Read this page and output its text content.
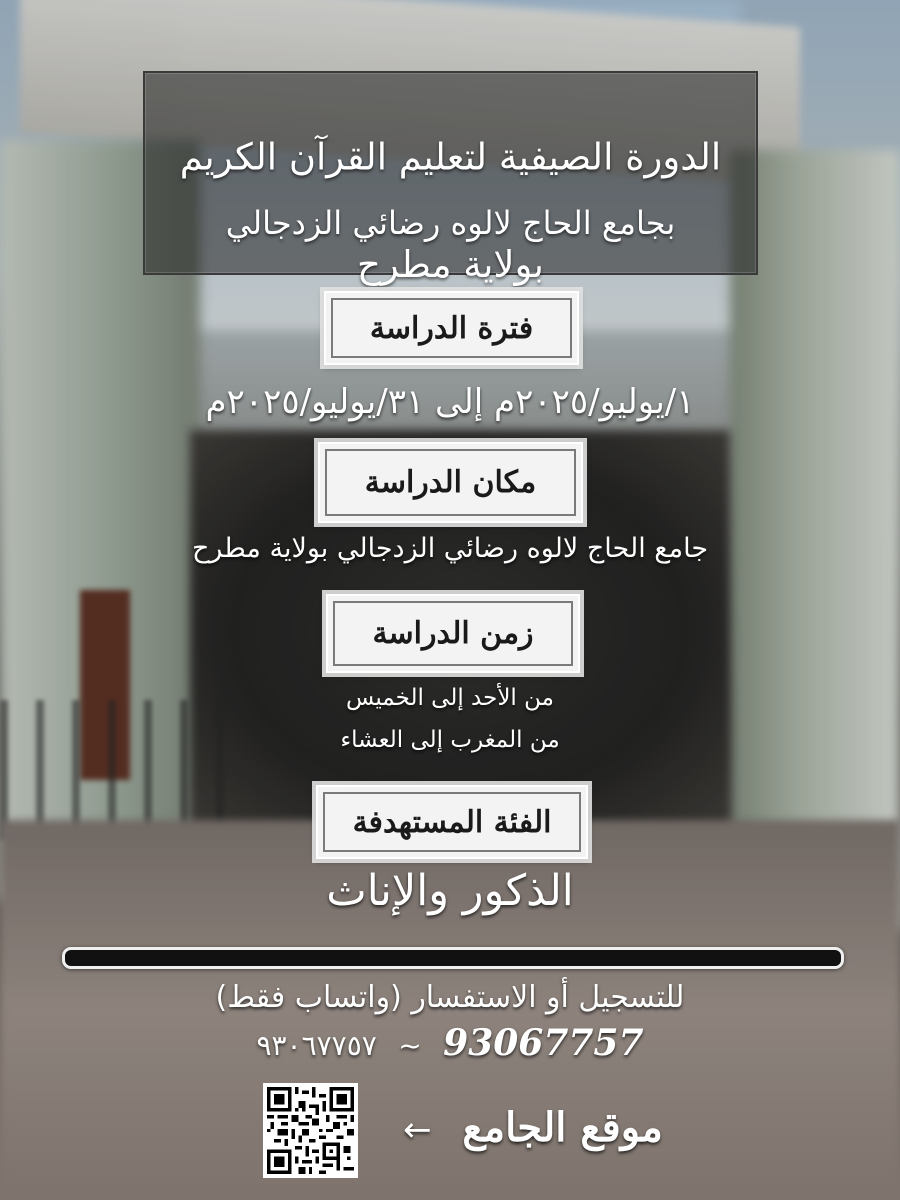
الدورة الصيفية لتعليم القرآن الكريم
بجامع الحاج لالوه رضائي الزدجالي
بولاية مطرح
فترة الدراسة
١/يوليو/٢٠٢٥م إلى ٣١/يوليو/٢٠٢٥م
مكان الدراسة
جامع الحاج لالوه رضائي الزدجالي بولاية مطرح
زمن الدراسة
من الأحد إلى الخميس
من المغرب إلى العشاء
الفئة المستهدفة
الذكور والإناث
للتسجيل أو الاستفسار (واتساب فقط)
٩٣٠٦٧٧٥٧ ~ 93067757
← موقع الجامع
